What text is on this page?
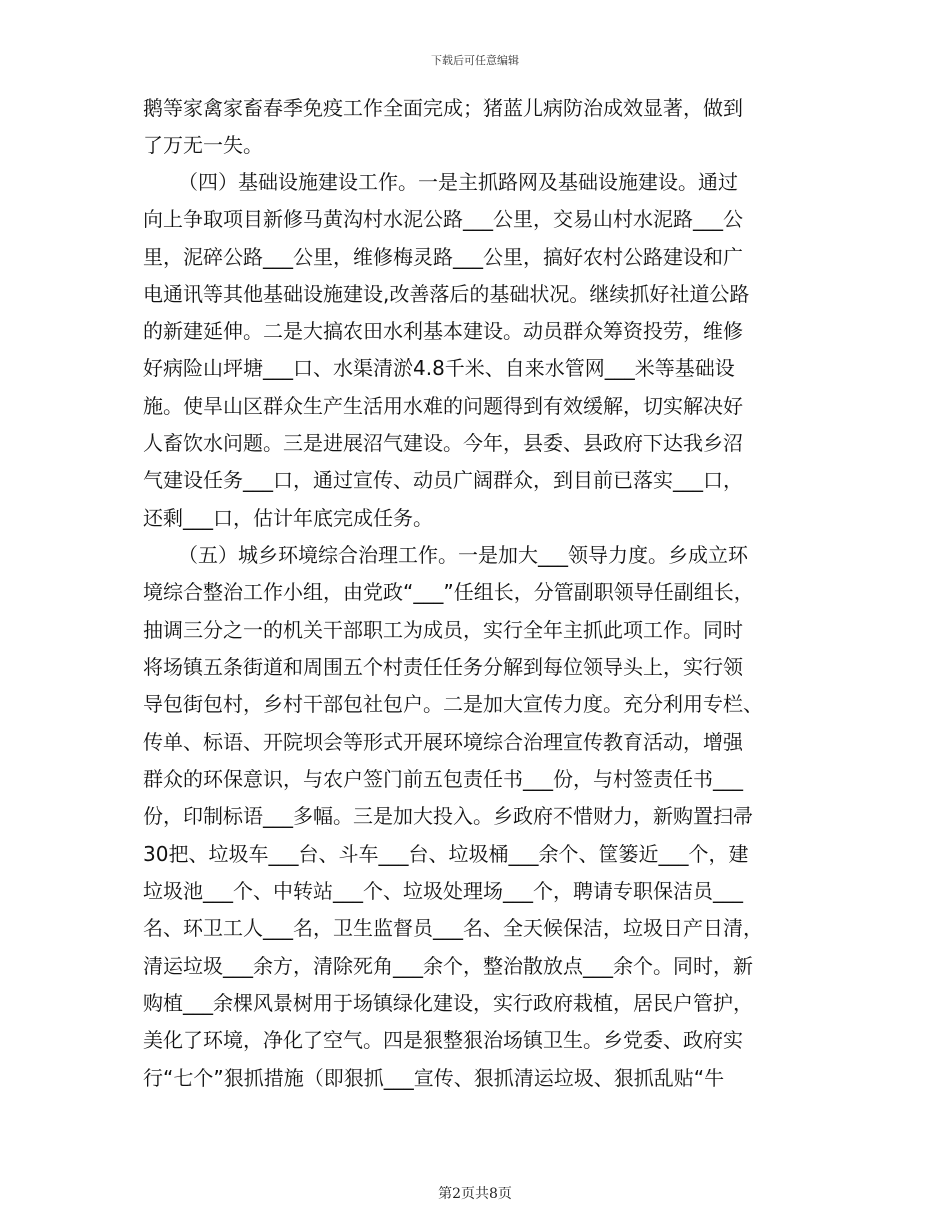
下载后可任意编辑
鹅等家禽家畜春季免疫工作全面完成；猪蓝儿病防治成效显著，做到
了万无一失。
（四）基础设施建设工作。一是主抓路网及基础设施建设。通过
向上争取项目新修马黄沟村水泥公路___公里，交易山村水泥路___公
里，泥碎公路___公里，维修梅灵路___公里，搞好农村公路建设和广
电通讯等其他基础设施建设,改善落后的基础状况。继续抓好社道公路
的新建延伸。二是大搞农田水利基本建设。动员群众筹资投劳，维修
好病险山坪塘___口、水渠清淤4.8千米、自来水管网___米等基础设
施。使旱山区群众生产生活用水难的问题得到有效缓解，切实解决好
人畜饮水问题。三是进展沼气建设。今年，县委、县政府下达我乡沼
气建设任务___口，通过宣传、动员广阔群众，到目前已落实___口，
还剩___口，估计年底完成任务。
（五）城乡环境综合治理工作。一是加大___领导力度。乡成立环
境综合整治工作小组，由党政“___”任组长，分管副职领导任副组长，
抽调三分之一的机关干部职工为成员，实行全年主抓此项工作。同时
将场镇五条街道和周围五个村责任任务分解到每位领导头上，实行领
导包街包村，乡村干部包社包户。二是加大宣传力度。充分利用专栏、
传单、标语、开院坝会等形式开展环境综合治理宣传教育活动，增强
群众的环保意识，与农户签门前五包责任书___份，与村签责任书___
份，印制标语___多幅。三是加大投入。乡政府不惜财力，新购置扫帚
30把、垃圾车___台、斗车___台、垃圾桶___余个、筐篓近___个，建
垃圾池___个、中转站___个、垃圾处理场___个，聘请专职保洁员___
名、环卫工人___名，卫生监督员___名、全天候保洁，垃圾日产日清，
清运垃圾___余方，清除死角___余个，整治散放点___余个。同时，新
购植___余棵风景树用于场镇绿化建设，实行政府栽植，居民户管护，
美化了环境，净化了空气。四是狠整狠治场镇卫生。乡党委、政府实
行“七个”狠抓措施（即狠抓___宣传、狠抓清运垃圾、狠抓乱贴“牛
第2页共8页
